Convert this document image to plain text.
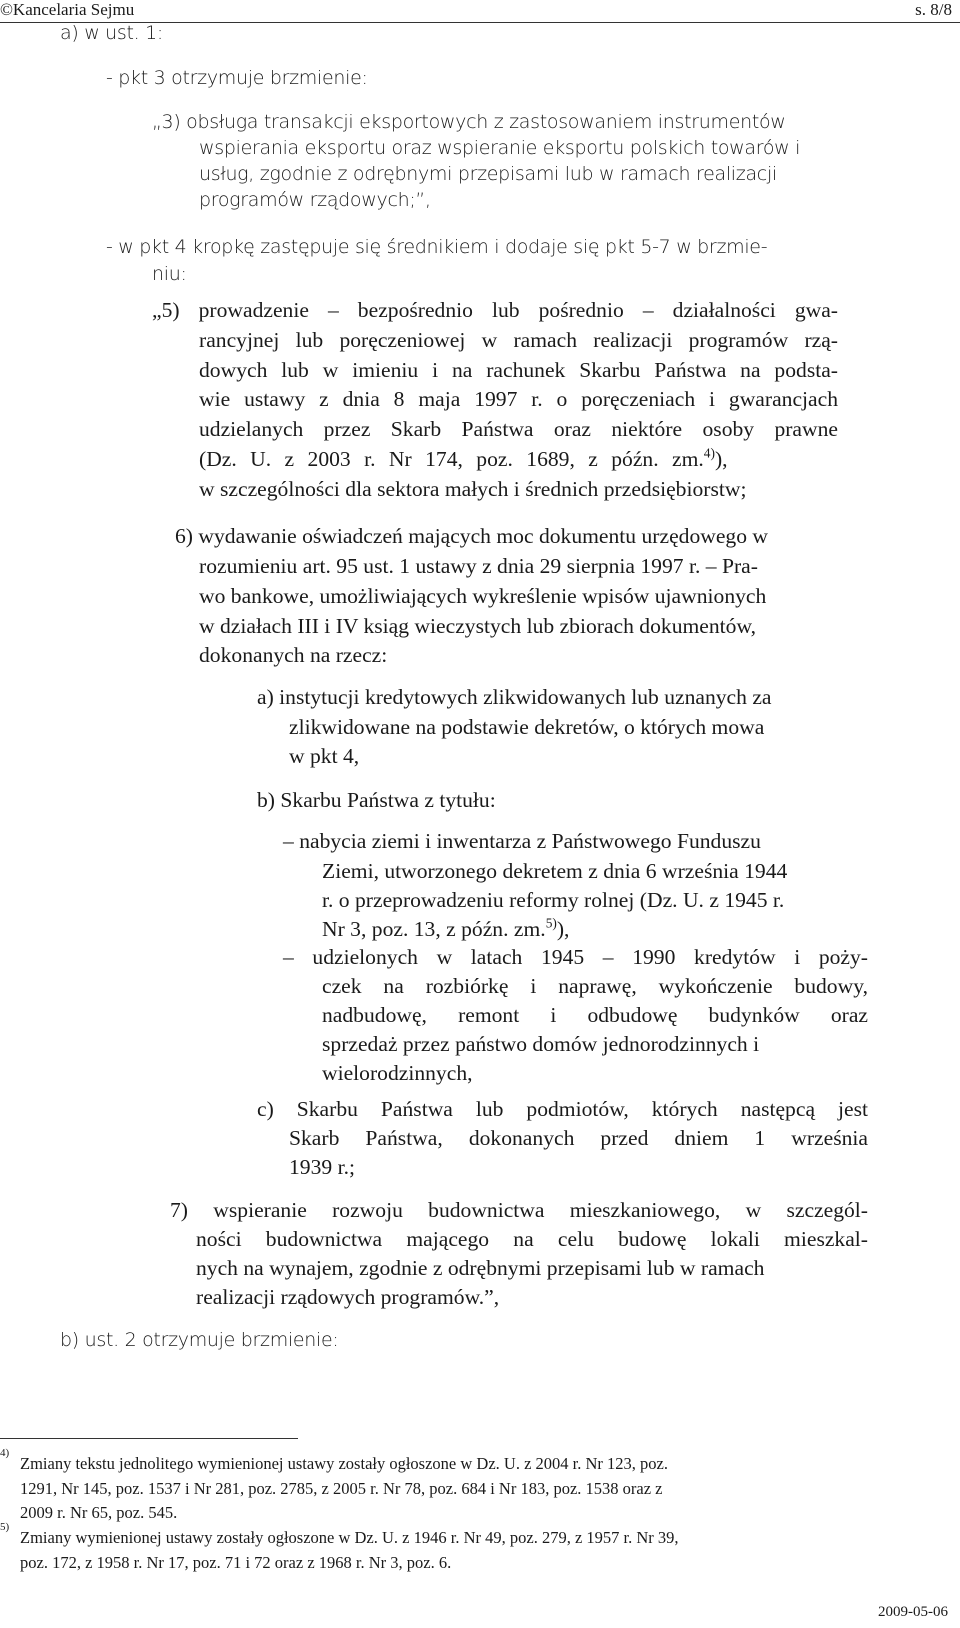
©Kancelaria Sejmu	s. 8/8
a) w ust. 1:
- pkt 3 otrzymuje brzmienie:
„3) obsługa transakcji eksportowych z zastosowaniem instrumentów
wspierania eksportu oraz wspieranie eksportu polskich towarów i
usług, zgodnie z odrębnymi przepisami lub w ramach realizacji
programów rządowych;”,
- w pkt 4 kropkę zastępuje się średnikiem i dodaje się pkt 5-7 w brzmie-
niu:
„5) prowadzenie – bezpośrednio lub pośrednio – działalności gwa-
rancyjnej lub poręczeniowej w ramach realizacji programów rzą-
dowych lub w imieniu i na rachunek Skarbu Państwa na podsta-
wie ustawy z dnia 8 maja 1997 r. o poręczeniach i gwarancjach
udzielanych przez Skarb Państwa oraz niektóre osoby prawne
(Dz. U. z 2003 r. Nr 174, poz. 1689, z późn. zm.$^{4)}$),
w szczególności dla sektora małych i średnich przedsiębiorstw;
6) wydawanie oświadczeń mających moc dokumentu urzędowego w
rozumieniu art. 95 ust. 1 ustawy z dnia 29 sierpnia 1997 r. – Pra-
wo bankowe, umożliwiających wykreślenie wpisów ujawnionych
w działach III i IV ksiąg wieczystych lub zbiorach dokumentów,
dokonanych na rzecz:
a) instytucji kredytowych zlikwidowanych lub uznanych za
zlikwidowane na podstawie dekretów, o których mowa
w pkt 4,
b) Skarbu Państwa z tytułu:
– nabycia ziemi i inwentarza z Państwowego Funduszu
Ziemi, utworzonego dekretem z dnia 6 września 1944
r. o przeprowadzeniu reformy rolnej (Dz. U. z 1945 r.
Nr 3, poz. 13, z późn. zm.$^{5)}$),
– udzielonych w latach 1945 – 1990 kredytów i poży-
czek na rozbiórkę i naprawę, wykończenie budowy,
nadbudowę, remont i odbudowę budynków oraz
sprzedaż przez państwo domów jednorodzinnych i
wielorodzinnych,
c) Skarbu Państwa lub podmiotów, których następcą jest
Skarb Państwa, dokonanych przed dniem 1 września
1939 r.;
7) wspieranie rozwoju budownictwa mieszkaniowego, w szczegól-
ności budownictwa mającego na celu budowę lokali mieszkal-
nych na wynajem, zgodnie z odrębnymi przepisami lub w ramach
realizacji rządowych programów.”,
b) ust. 2 otrzymuje brzmienie:
4)
Zmiany tekstu jednolitego wymienionej ustawy zostały ogłoszone w Dz. U. z 2004 r. Nr 123, poz.
1291, Nr 145, poz. 1537 i Nr 281, poz. 2785, z 2005 r. Nr 78, poz. 684 i Nr 183, poz. 1538 oraz z
2009 r. Nr 65, poz. 545.
5)
Zmiany wymienionej ustawy zostały ogłoszone w Dz. U. z 1946 r. Nr 49, poz. 279, z 1957 r. Nr 39,
poz. 172, z 1958 r. Nr 17, poz. 71 i 72 oraz z 1968 r. Nr 3, poz. 6.
2009-05-06
